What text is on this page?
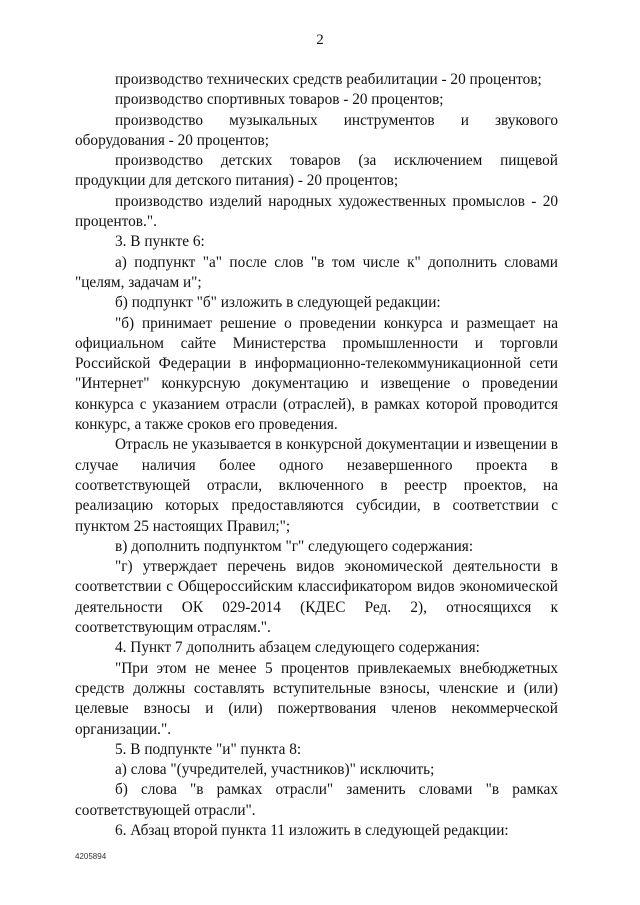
2

производство технических средств реабилитации - 20 процентов;

производство спортивных товаров - 20 процентов;

производство музыкальных инструментов и звукового оборудования - 20 процентов;

производство детских товаров (за исключением пищевой продукции для детского питания) - 20 процентов;

производство изделий народных художественных промыслов - 20 процентов.".

3. В пункте 6:

а) подпункт "а" после слов "в том числе к" дополнить словами "целям, задачам и";

б) подпункт "б" изложить в следующей редакции:

"б) принимает решение о проведении конкурса и размещает на официальном сайте Министерства промышленности и торговли Российской Федерации в информационно-телекоммуникационной сети "Интернет" конкурсную документацию и извещение о проведении конкурса с указанием отрасли (отраслей), в рамках которой проводится конкурс, а также сроков его проведения.

Отрасль не указывается в конкурсной документации и извещении в случае наличия более одного незавершенного проекта в соответствующей отрасли, включенного в реестр проектов, на реализацию которых предоставляются субсидии, в соответствии с пунктом 25 настоящих Правил;";

в) дополнить подпунктом "г" следующего содержания:

"г) утверждает перечень видов экономической деятельности в соответствии с Общероссийским классификатором видов экономической деятельности ОК 029-2014 (КДЕС Ред. 2), относящихся к соответствующим отраслям.".

4. Пункт 7 дополнить абзацем следующего содержания:

"При этом не менее 5 процентов привлекаемых внебюджетных средств должны составлять вступительные взносы, членские и (или) целевые взносы и (или) пожертвования членов некоммерческой организации.".

5. В подпункте "и" пункта 8:

а) слова "(учредителей, участников)" исключить;

б) слова "в рамках отрасли" заменить словами "в рамках соответствующей отрасли".

6. Абзац второй пункта 11 изложить в следующей редакции:

4205894
